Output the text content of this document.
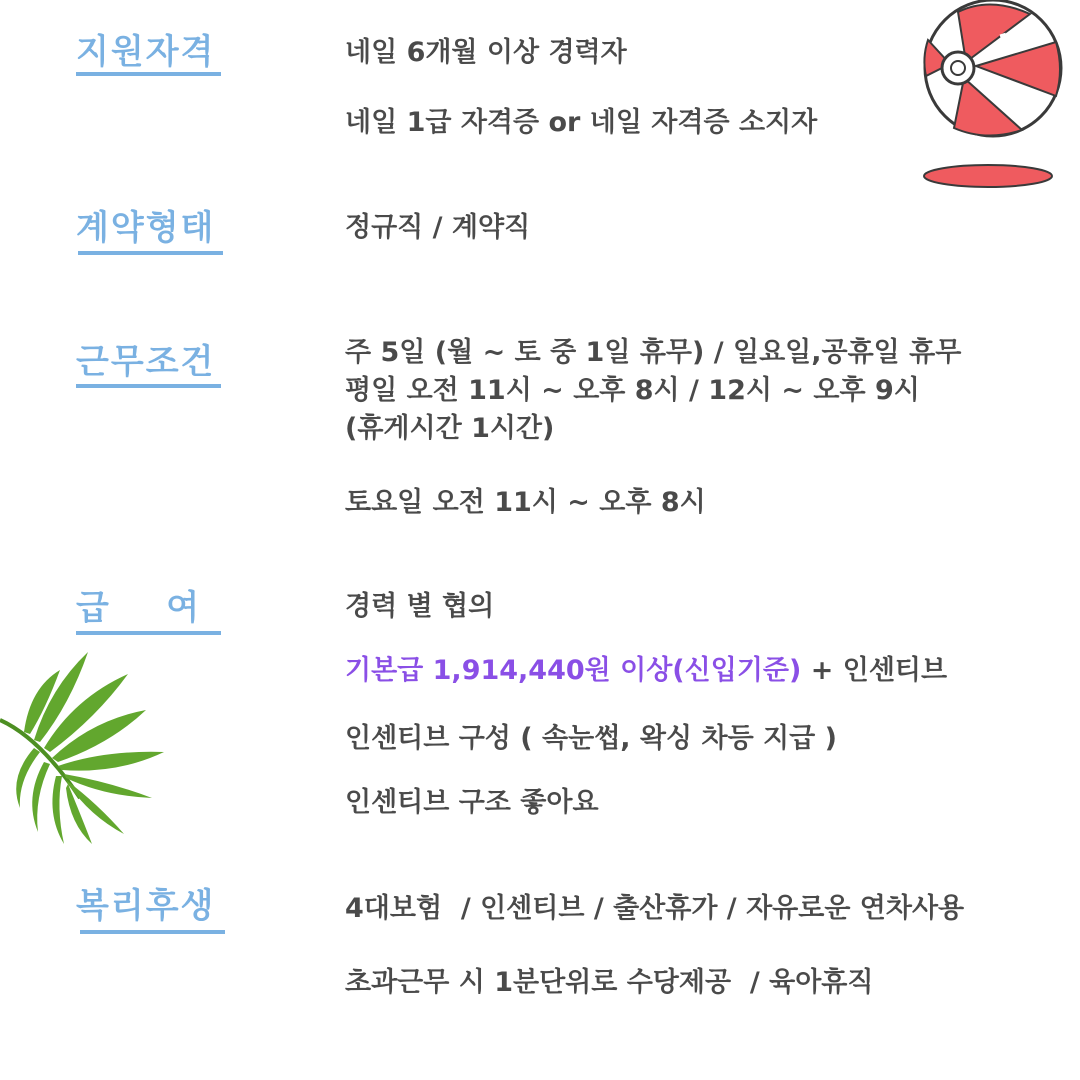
지원자격	네일 6개월 이상 경력자
네일 1급 자격증 or 네일 자격증 소지자
계약형태	정규직 / 계약직
근무조건	주 5일 (월 ~ 토 중 1일 휴무) / 일요일,공휴일 휴무
평일 오전 11시 ~ 오후 8시 / 12시 ~ 오후 9시
(휴게시간 1시간)
토요일 오전 11시 ~ 오후 8시
급    여	경력 별 협의
기본급 1,914,440원 이상(신입기준) + 인센티브
인센티브 구성 ( 속눈썹, 왁싱 차등 지급 )
인센티브 구조 좋아요
복리후생	4대보험  / 인센티브 / 출산휴가 / 자유로운 연차사용
초과근무 시 1분단위로 수당제공  / 육아휴직
